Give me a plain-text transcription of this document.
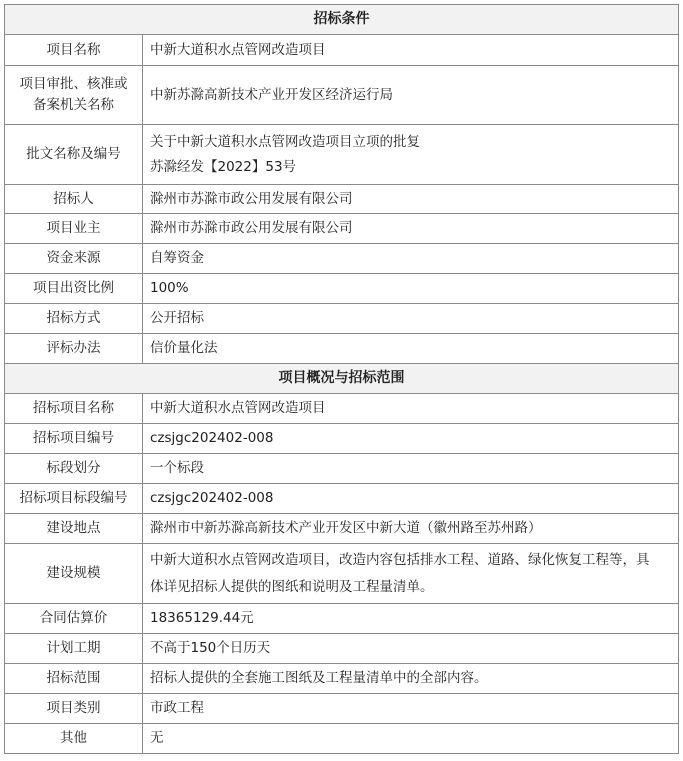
招标条件	
项目名称	中新大道积水点管网改造项目

项目审批、核准或
备案机关名称	中新苏滁高新技术产业开发区经济运行局
批文名称及编号	关于中新大道积水点管网改造项目立项的批复
苏滁经发【2022】53号

招标人	滁州市苏滁市政公用发展有限公司
项目业主	滁州市苏滁市政公用发展有限公司
资金来源	自筹资金
项目出资比例	100%
招标方式	公开招标
评标办法	信价量化法
项目概况与招标范围	
招标项目名称	中新大道积水点管网改造项目
招标项目编号	czsjgc202402-008
标段划分	一个标段
招标项目标段编号	czsjgc202402-008
建设地点	滁州市中新苏滁高新技术产业开发区中新大道（徽州路至苏州路）
建设规模	中新大道积水点管网改造项目，改造内容包括排水工程、道路、绿化恢复工程等，具
体详见招标人提供的图纸和说明及工程量清单。

合同估算价	18365129.44元
计划工期	不高于150个日历天
招标范围	招标人提供的全套施工图纸及工程量清单中的全部内容。
项目类别	市政工程
其他	无
